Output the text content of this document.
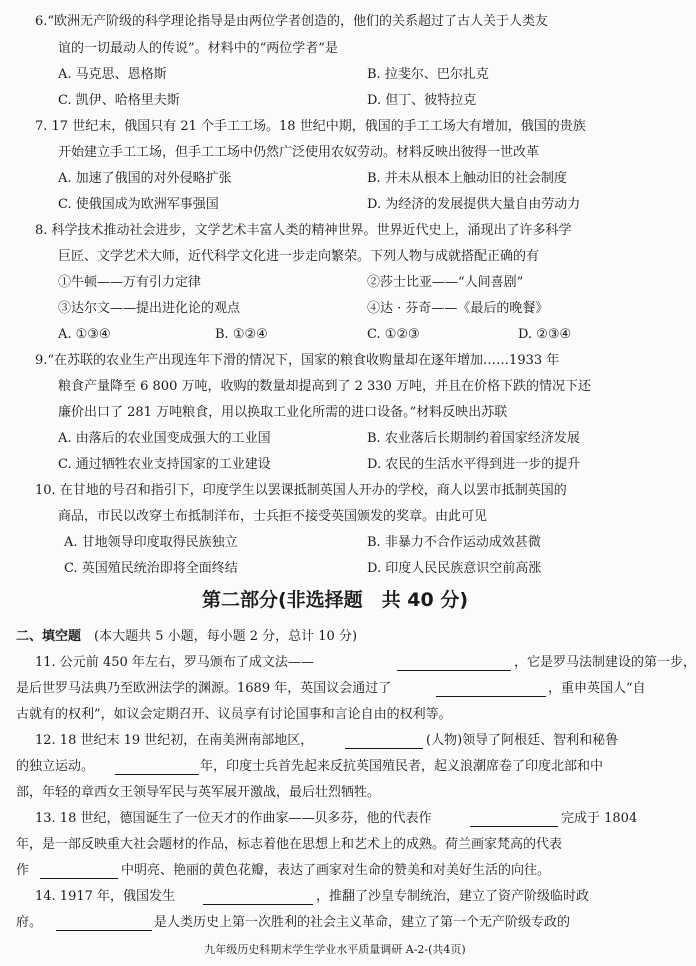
6.“欧洲无产阶级的科学理论指导是由两位学者创造的，他们的关系超过了古人关于人类友
谊的一切最动人的传说”。材料中的“两位学者”是
A. 马克思、恩格斯	B. 拉斐尔、巴尔扎克
C. 凯伊、哈格里夫斯	D. 但丁、彼特拉克
7. 17 世纪末，俄国只有 21 个手工工场。18 世纪中期，俄国的手工工场大有增加，俄国的贵族
开始建立手工工场，但手工工场中仍然广泛使用农奴劳动。材料反映出彼得一世改革
A. 加速了俄国的对外侵略扩张	B. 并未从根本上触动旧的社会制度
C. 使俄国成为欧洲军事强国	D. 为经济的发展提供大量自由劳动力
8. 科学技术推动社会进步，文学艺术丰富人类的精神世界。世界近代史上，涌现出了许多科学
巨匠、文学艺术大师，近代科学文化进一步走向繁荣。下列人物与成就搭配正确的有
①牛顿——万有引力定律	②莎士比亚——“人间喜剧”
③达尔文——提出进化论的观点	④达 · 芬奇——《最后的晚餐》
A. ①③④	B. ①②④	C. ①②③	D. ②③④
9.“在苏联的农业生产出现连年下滑的情况下，国家的粮食收购量却在逐年增加……1933 年
粮食产量降至 6 800 万吨，收购的数量却提高到了 2 330 万吨，并且在价格下跌的情况下还
廉价出口了 281 万吨粮食，用以换取工业化所需的进口设备。”材料反映出苏联
A. 由落后的农业国变成强大的工业国	B. 农业落后长期制约着国家经济发展
C. 通过牺牲农业支持国家的工业建设	D. 农民的生活水平得到进一步的提升
10. 在甘地的号召和指引下，印度学生以罢课抵制英国人开办的学校，商人以罢市抵制英国的
商品，市民以改穿土布抵制洋布，士兵拒不接受英国颁发的奖章。由此可见
A. 甘地领导印度取得民族独立	B. 非暴力不合作运动成效甚微
C. 英国殖民统治即将全面终结	D. 印度人民民族意识空前高涨
第二部分(非选择题　共 40 分)
二、填空题 (本大题共 5 小题，每小题 2 分，总计 10 分)
11. 公元前 450 年左右，罗马颁布了成文法——	，它是罗马法制建设的第一步，
是后世罗马法典乃至欧洲法学的渊源。1689 年，英国议会通过了	，重申英国人“自
古就有的权利”，如议会定期召开、议员享有讨论国事和言论自由的权利等。
12. 18 世纪末 19 世纪初，在南美洲南部地区，	(人物)领导了阿根廷、智利和秘鲁
的独立运动。	年，印度士兵首先起来反抗英国殖民者，起义浪潮席卷了印度北部和中
部，年轻的章西女王领导军民与英军展开激战，最后壮烈牺牲。
13. 18 世纪，德国诞生了一位天才的作曲家——贝多芬，他的代表作	完成于 1804
年，是一部反映重大社会题材的作品，标志着他在思想上和艺术上的成熟。荷兰画家梵高的代表
作	中明亮、艳丽的黄色花瓣，表达了画家对生命的赞美和对美好生活的向往。
14. 1917 年，俄国发生	，推翻了沙皇专制统治，建立了资产阶级临时政
府。	是人类历史上第一次胜利的社会主义革命，建立了第一个无产阶级专政的
九年级历史科期末学生学业水平质量调研 A-2-(共4页)
